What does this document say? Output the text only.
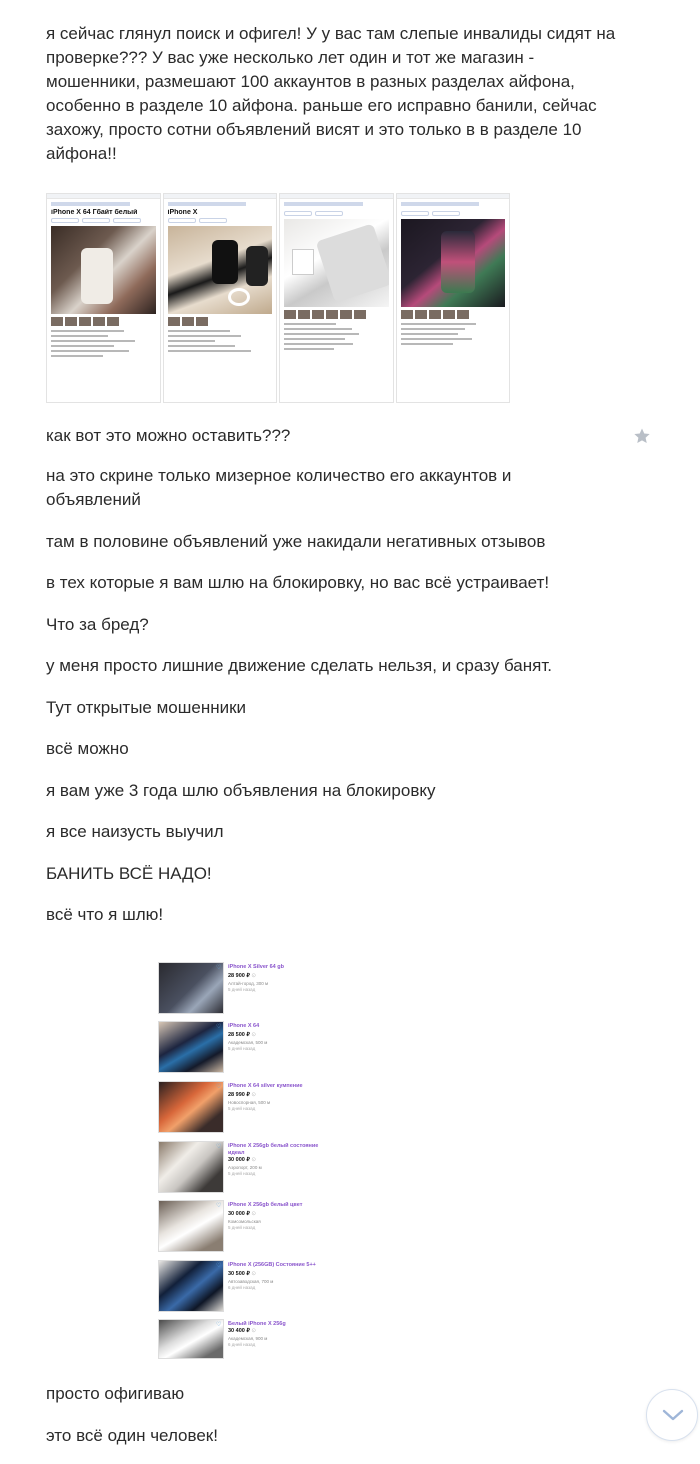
я сейчас глянул поиск и офигел! У у вас там слепые инвалиды сидят на проверке??? У вас уже несколько лет один и тот же магазин - мошенники, размешают 100 аккаунтов в разных разделах айфона, особенно в разделе 10 айфона. раньше его исправно банили, сейчас захожу, просто сотни объявлений висят и это только в в разделе 10 айфона!!
iPhone X 64 Гбайт белый	iPhone X
как вот это можно оставить???
на это скрине только мизерное количество его аккаунтов и объявлений
там в половине объявлений уже накидали негативных отзывов
в тех которые я вам шлю на блокировку, но вас всё устраивает!
Что за бред?
у меня просто лишние движение сделать нельзя, и сразу банят.
Тут открытые мошенники
всё можно
я вам уже 3 года шлю объявления на блокировку
я все наизусть выучил
БАНИТЬ ВСЁ НАДО!
всё что я шлю!
♡ iPhone X Silver 64 gb
28 900 ₽ ⊙
Алтай-город, 300 м
5 дней назад
♡ iPhone X 64
28 500 ₽ ⊙
Академская, 500 м
5 дней назад
♡ iPhone X 64 silver кумпение
28 990 ₽ ⊙
Новоспорная, 500 м
5 дней назад
♡ iPhone X 256gb белый состояние идеал
30 000 ₽ ⊙
Аэропорт, 200 м
5 дней назад
♡ iPhone X 256gb белый цвет
30 000 ₽ ⊙
Комсомольская
5 дней назад
♡ iPhone X (256GB) Состояние 5++
30 500 ₽ ⊙
Автозаводская, 700 м
6 дней назад
♡ Белый iPhone X 256g
30 400 ₽ ⊙
Академская, 900 м
6 дней назад
просто офигиваю
это всё один человек!
